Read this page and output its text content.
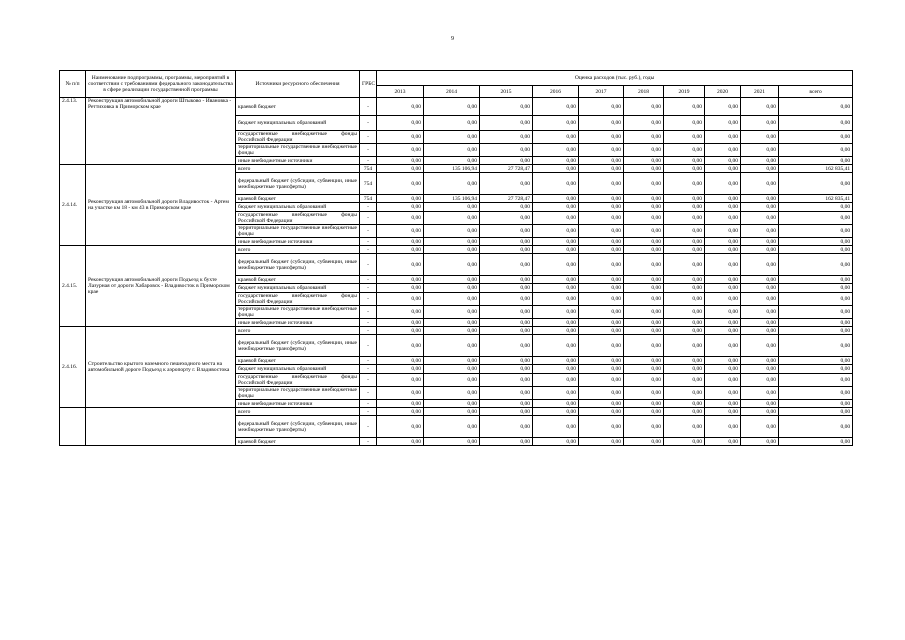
9
№ п/п	Наименование подпрограммы, программы, мероприятий в соответствии с требованиями федерального законодательства в сфере реализации государственной программы	Источники ресурсного обеспечения	ГРБС	Оценка расходов (тыс. руб.), годы									
				2013	2014	2015	2016	2017	2018	2019	2020	2021	всего
2.4.13.	Реконструкция автомобильной дороги Штыково - Ивановка - Реттиховка в Приморском крае	краевой бюджет	-	0,00	0,00	0,00	0,00	0,00	0,00	0,00	0,00	0,00	0,00
		бюджет муниципальных образований	-	0,00	0,00	0,00	0,00	0,00	0,00	0,00	0,00	0,00	0,00
		государственные внебюджетные фонды Российской Федерации	-	0,00	0,00	0,00	0,00	0,00	0,00	0,00	0,00	0,00	0,00
		территориальные государственные внебюджетные фонды	-	0,00	0,00	0,00	0,00	0,00	0,00	0,00	0,00	0,00	0,00
		иные внебюджетные источники	-	0,00	0,00	0,00	0,00	0,00	0,00	0,00	0,00	0,00	0,00
2.4.14.	Реконструкция автомобильной дороги Владивосток - Артем на участке км 18 - км 43 в Приморском крае	всего	754	0,00	135 106,94	27 728,47	0,00	0,00	0,00	0,00	0,00	0,00	162 835,41
		федеральный бюджет (субсидии, субвенции, иные межбюджетные трансферты)	754	0,00	0,00	0,00	0,00	0,00	0,00	0,00	0,00	0,00	0,00
		краевой бюджет	754	0,00	135 106,94	27 728,47	0,00	0,00	0,00	0,00	0,00	0,00	162 835,41
		бюджет муниципальных образований	-	0,00	0,00	0,00	0,00	0,00	0,00	0,00	0,00	0,00	0,00
		государственные внебюджетные фонды Российской Федерации	-	0,00	0,00	0,00	0,00	0,00	0,00	0,00	0,00	0,00	0,00
		территориальные государственные внебюджетные фонды	-	0,00	0,00	0,00	0,00	0,00	0,00	0,00	0,00	0,00	0,00
		иные внебюджетные источники	-	0,00	0,00	0,00	0,00	0,00	0,00	0,00	0,00	0,00	0,00
2.4.15.	Реконструкция автомобильной дороги Подъезд к бухте Лазурная от дороги Хабаровск - Владивосток в Приморском крае	всего	-	0,00	0,00	0,00	0,00	0,00	0,00	0,00	0,00	0,00	0,00
		федеральный бюджет (субсидии, субвенции, иные межбюджетные трансферты)	-	0,00	0,00	0,00	0,00	0,00	0,00	0,00	0,00	0,00	0,00
		краевой бюджет	-	0,00	0,00	0,00	0,00	0,00	0,00	0,00	0,00	0,00	0,00
		бюджет муниципальных образований	-	0,00	0,00	0,00	0,00	0,00	0,00	0,00	0,00	0,00	0,00
		государственные внебюджетные фонды Российской Федерации	-	0,00	0,00	0,00	0,00	0,00	0,00	0,00	0,00	0,00	0,00
		территориальные государственные внебюджетные фонды	-	0,00	0,00	0,00	0,00	0,00	0,00	0,00	0,00	0,00	0,00
		иные внебюджетные источники	-	0,00	0,00	0,00	0,00	0,00	0,00	0,00	0,00	0,00	0,00
2.4.16.	Строительство крытого наземного пешеходного места на автомобильной дороге Подъезд к аэропорту г. Владивостока	всего	-	0,00	0,00	0,00	0,00	0,00	0,00	0,00	0,00	0,00	0,00
		федеральный бюджет (субсидии, субвенции, иные межбюджетные трансферты)	-	0,00	0,00	0,00	0,00	0,00	0,00	0,00	0,00	0,00	0,00
		краевой бюджет	-	0,00	0,00	0,00	0,00	0,00	0,00	0,00	0,00	0,00	0,00
		бюджет муниципальных образований	-	0,00	0,00	0,00	0,00	0,00	0,00	0,00	0,00	0,00	0,00
		государственные внебюджетные фонды Российской Федерации	-	0,00	0,00	0,00	0,00	0,00	0,00	0,00	0,00	0,00	0,00
		территориальные государственные внебюджетные фонды	-	0,00	0,00	0,00	0,00	0,00	0,00	0,00	0,00	0,00	0,00
		иные внебюджетные источники	-	0,00	0,00	0,00	0,00	0,00	0,00	0,00	0,00	0,00	0,00
		всего	-	0,00	0,00	0,00	0,00	0,00	0,00	0,00	0,00	0,00	0,00
		федеральный бюджет (субсидии, субвенции, иные межбюджетные трансферты)	-	0,00	0,00	0,00	0,00	0,00	0,00	0,00	0,00	0,00	0,00
		краевой бюджет	-	0,00	0,00	0,00	0,00	0,00	0,00	0,00	0,00	0,00	0,00
